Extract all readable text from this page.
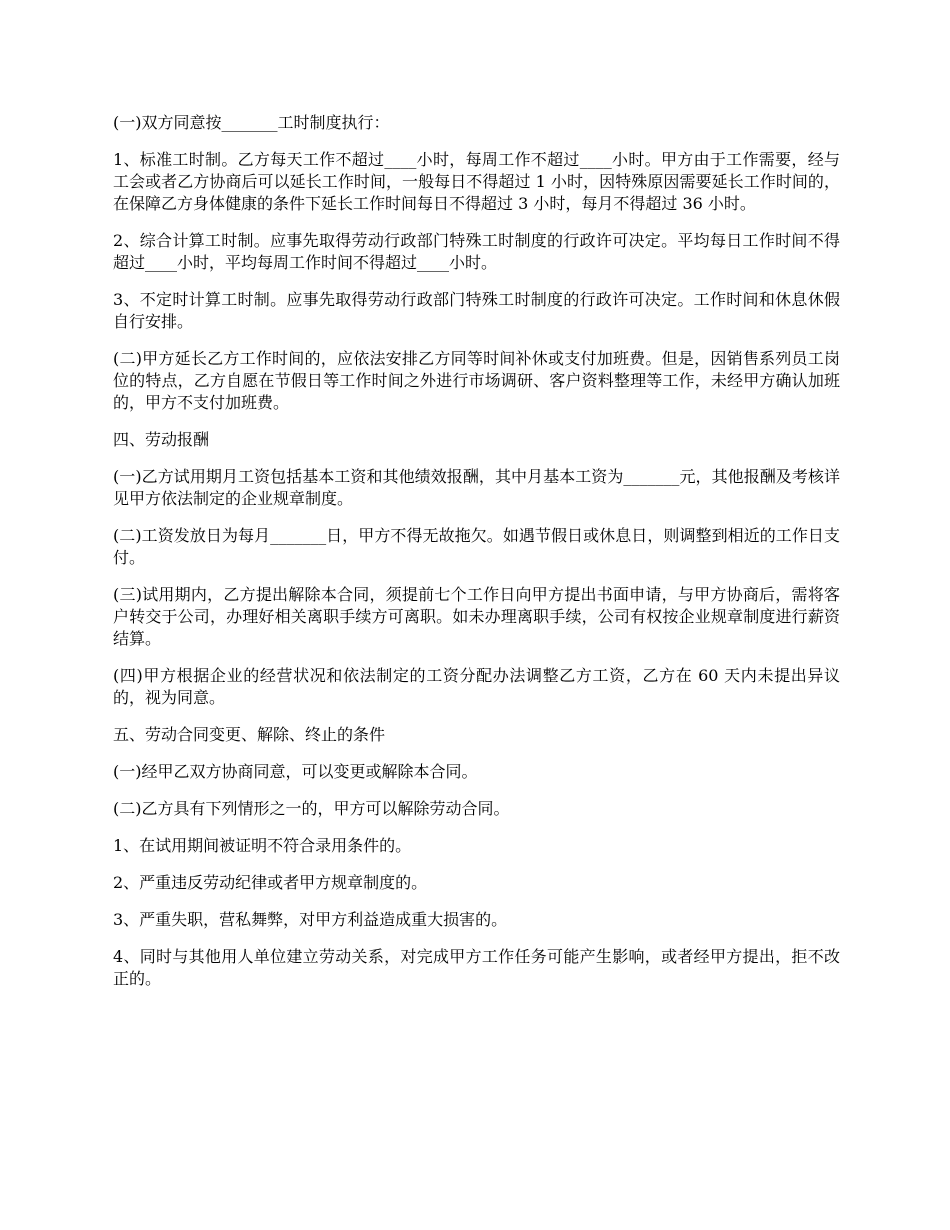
(一)双方同意按_______工时制度执行：

1、标准工时制。乙方每天工作不超过____小时，每周工作不超过____小时。甲方由于工作需要，经与工会或者乙方协商后可以延长工作时间，一般每日不得超过 1 小时，因特殊原因需要延长工作时间的，在保障乙方身体健康的条件下延长工作时间每日不得超过 3 小时，每月不得超过 36 小时。

2、综合计算工时制。应事先取得劳动行政部门特殊工时制度的行政许可决定。平均每日工作时间不得超过____小时，平均每周工作时间不得超过____小时。

3、不定时计算工时制。应事先取得劳动行政部门特殊工时制度的行政许可决定。工作时间和休息休假自行安排。

(二)甲方延长乙方工作时间的，应依法安排乙方同等时间补休或支付加班费。但是，因销售系列员工岗位的特点，乙方自愿在节假日等工作时间之外进行市场调研、客户资料整理等工作，未经甲方确认加班的，甲方不支付加班费。

四、劳动报酬

(一)乙方试用期月工资包括基本工资和其他绩效报酬，其中月基本工资为_______元，其他报酬及考核详见甲方依法制定的企业规章制度。

(二)工资发放日为每月_______日，甲方不得无故拖欠。如遇节假日或休息日，则调整到相近的工作日支付。

(三)试用期内，乙方提出解除本合同，须提前七个工作日向甲方提出书面申请，与甲方协商后，需将客户转交于公司，办理好相关离职手续方可离职。如未办理离职手续，公司有权按企业规章制度进行薪资结算。

(四)甲方根据企业的经营状况和依法制定的工资分配办法调整乙方工资，乙方在 60 天内未提出异议的，视为同意。

五、劳动合同变更、解除、终止的条件

(一)经甲乙双方协商同意，可以变更或解除本合同。

(二)乙方具有下列情形之一的，甲方可以解除劳动合同。

1、在试用期间被证明不符合录用条件的。

2、严重违反劳动纪律或者甲方规章制度的。

3、严重失职，营私舞弊，对甲方利益造成重大损害的。

4、同时与其他用人单位建立劳动关系，对完成甲方工作任务可能产生影响，或者经甲方提出，拒不改正的。
